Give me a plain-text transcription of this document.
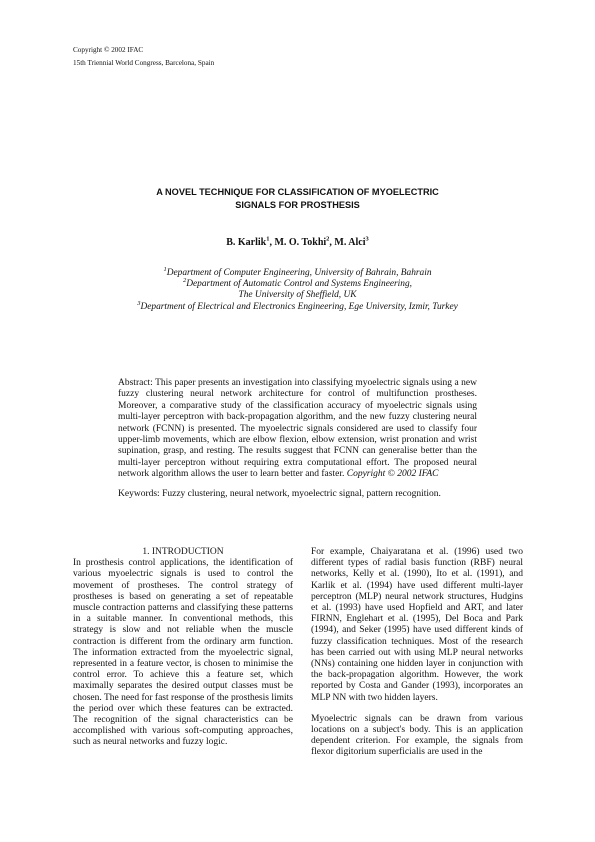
Copyright © 2002 IFAC
15th Triennial World Congress, Barcelona, Spain
A NOVEL TECHNIQUE FOR CLASSIFICATION OF MYOELECTRIC
SIGNALS FOR PROSTHESIS
B. Karlik$^1$, M. O. Tokhi$^2$, M. Alci$^3$
$^1$Department of Computer Engineering, University of Bahrain, Bahrain
$^2$Department of Automatic Control and Systems Engineering,
The University of Sheffield, UK
$^3$Department of Electrical and Electronics Engineering, Ege University, Izmir, Turkey
Abstract: This paper presents an investigation into classifying myoelectric signals using a new fuzzy clustering neural network architecture for control of multifunction prostheses. Moreover, a comparative study of the classification accuracy of myoelectric signals using multi-layer perceptron with back-propagation algorithm, and the new fuzzy clustering neural network (FCNN) is presented. The myoelectric signals considered are used to classify four upper-limb movements, which are elbow flexion, elbow extension, wrist pronation and wrist supination, grasp, and resting. The results suggest that FCNN can generalise better than the multi-layer perceptron without requiring extra computational effort. The proposed neural network algorithm allows the user to learn better and faster. Copyright © 2002 IFAC
Keywords: Fuzzy clustering, neural network, myoelectric signal, pattern recognition.

1. INTRODUCTION

In prosthesis control applications, the identification of various myoelectric signals is used to control the movement of prostheses. The control strategy of prostheses is based on generating a set of repeatable muscle contraction patterns and classifying these patterns in a suitable manner. In conventional methods, this strategy is slow and not reliable when the muscle contraction is different from the ordinary arm function. The information extracted from the myoelectric signal, represented in a feature vector, is chosen to minimise the control error. To achieve this a feature set, which maximally separates the desired output classes must be chosen. The need for fast response of the prosthesis limits the period over which these features can be extracted. The recognition of the signal characteristics can be accomplished with various soft-computing approaches, such as neural networks and fuzzy logic.

For example, Chaiyaratana et al. (1996) used two different types of radial basis function (RBF) neural networks, Kelly et al. (1990), Ito et al. (1991), and Karlik et al. (1994) have used different multi-layer perceptron (MLP) neural network structures, Hudgins et al. (1993) have used Hopfield and ART, and later FIRNN, Englehart et al. (1995), Del Boca and Park (1994), and Seker (1995) have used different kinds of fuzzy classification techniques. Most of the research has been carried out with using MLP neural networks (NNs) containing one hidden layer in conjunction with the back-propagation algorithm. However, the work reported by Costa and Gander (1993), incorporates an MLP NN with two hidden layers.

Myoelectric signals can be drawn from various locations on a subject's body. This is an application dependent criterion. For example, the signals from flexor digitorium superficialis are used in the
